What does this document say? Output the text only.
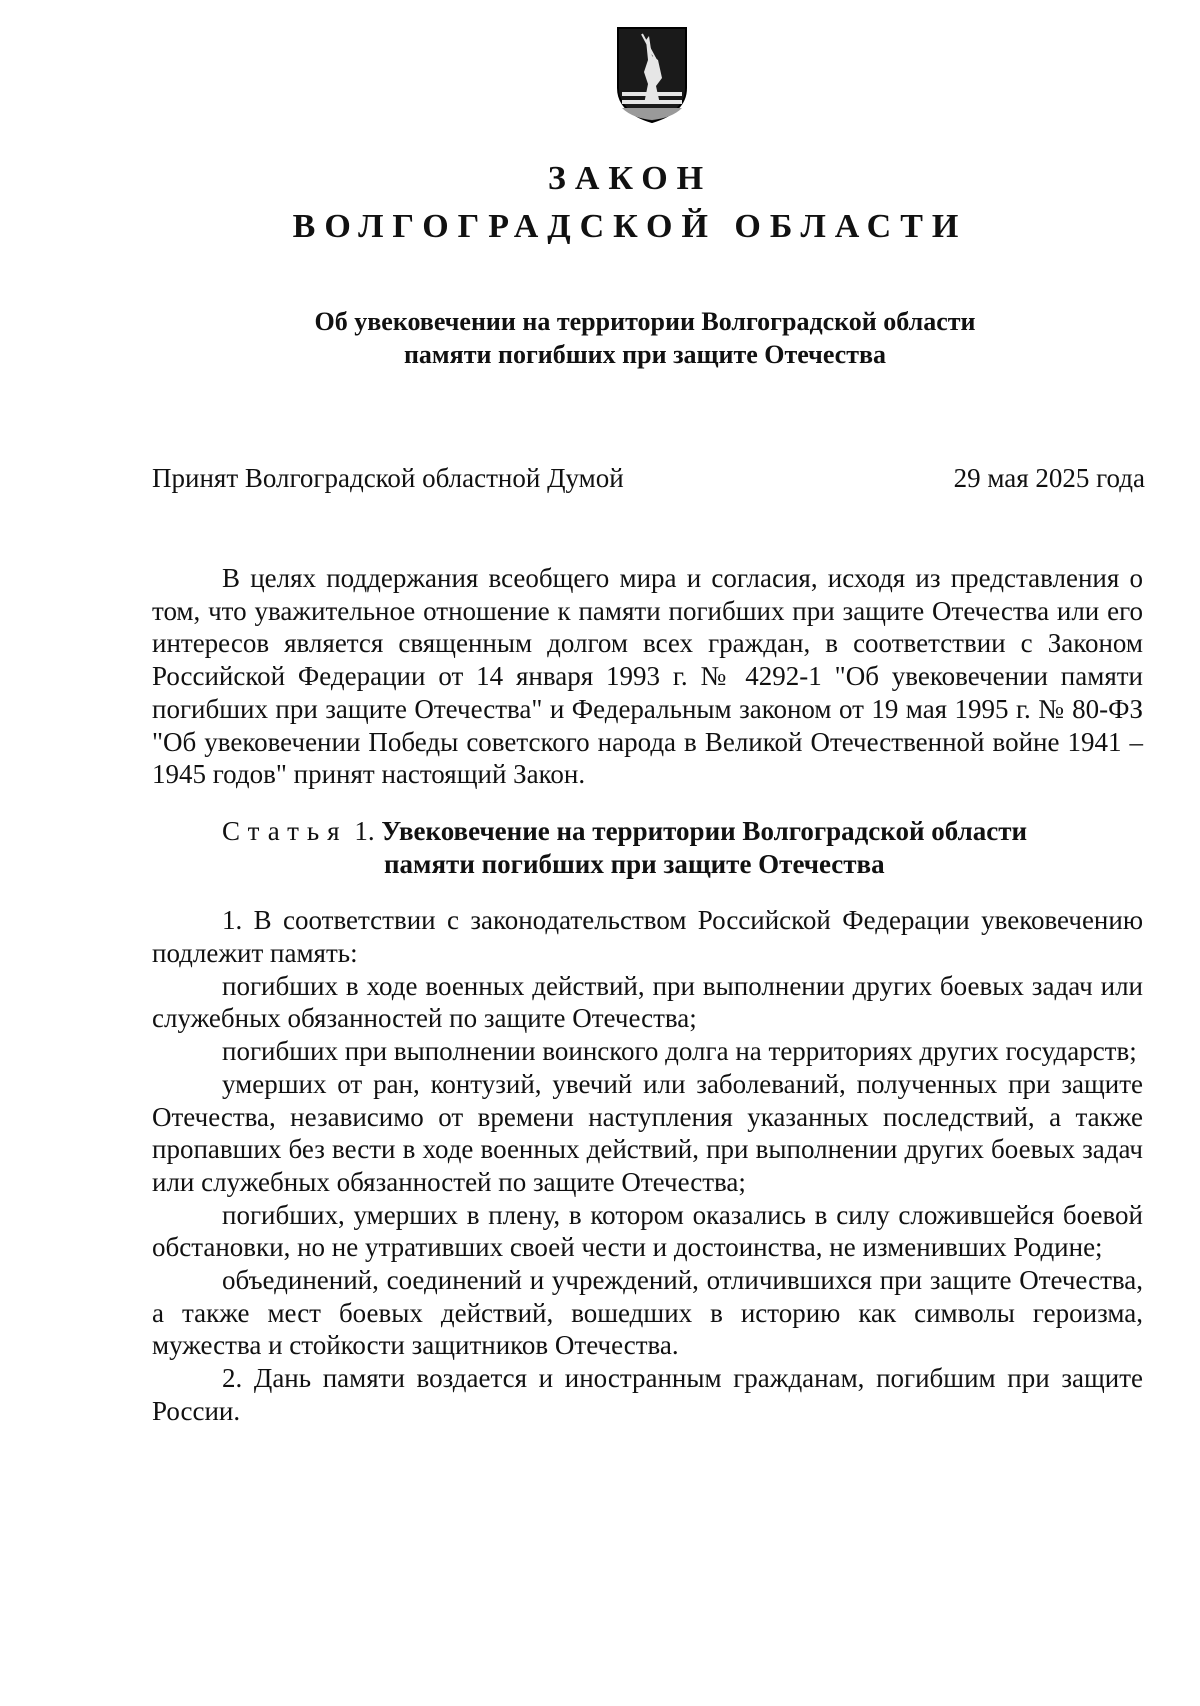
ЗАКОН
ВОЛГОГРАДСКОЙ ОБЛАСТИ
Об увековечении на территории Волгоградской области
памяти погибших при защите Отечества
Принят Волгоградской областной Думой	29 мая 2025 года

В целях поддержания всеобщего мира и согласия, исходя из представления о том, что уважительное отношение к памяти погибших при защите Отечества или его интересов является священным долгом всех граждан, в соответствии с Законом Российской Федерации от 14 января 1993 г. № 4292-1 "Об увековечении памяти погибших при защите Отечества" и Федеральным законом от 19 мая 1995 г. № 80-ФЗ "Об увековечении Победы советского народа в Великой Отечественной войне 1941 – 1945 годов" принят настоящий Закон.

Статья 1. Увековечение на территории Волгоградской области
памяти погибших при защите Отечества

1. В соответствии с законодательством Российской Федерации увековечению подлежит память:

погибших в ходе военных действий, при выполнении других боевых задач или служебных обязанностей по защите Отечества;

погибших при выполнении воинского долга на территориях других государств;

умерших от ран, контузий, увечий или заболеваний, полученных при защите Отечества, независимо от времени наступления указанных последствий, а также пропавших без вести в ходе военных действий, при выполнении других боевых задач или служебных обязанностей по защите Отечества;

погибших, умерших в плену, в котором оказались в силу сложившейся боевой обстановки, но не утративших своей чести и достоинства, не изменивших Родине;

объединений, соединений и учреждений, отличившихся при защите Отечества, а также мест боевых действий, вошедших в историю как символы героизма, мужества и стойкости защитников Отечества.

2. Дань памяти воздается и иностранным гражданам, погибшим при защите России.
